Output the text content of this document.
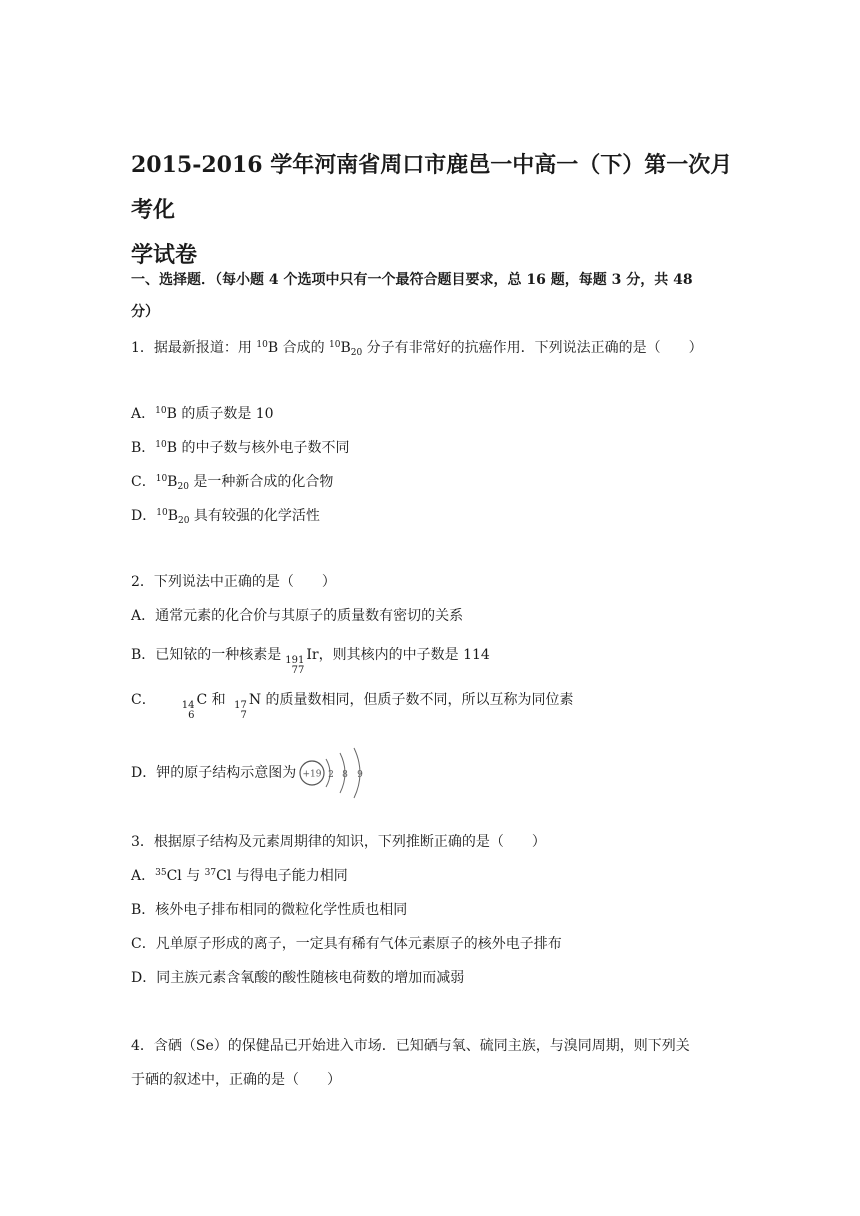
2015-2016 学年河南省周口市鹿邑一中高一（下）第一次月考化
学试卷
一、选择题．（每小题 4 个选项中只有一个最符合题目要求，总 16 题，每题 3 分，共 48
分）
1．据最新报道：用 $^{10}$B 合成的 $^{10}B_{20}$ 分子有非常好的抗癌作用．下列说法正确的是（　　）
A．$^{10}$B 的质子数是 10
B．$^{10}$B 的中子数与核外电子数不同
C．$^{10}B_{20}$ 是一种新合成的化合物
D．$^{10}B_{20}$ 具有较强的化学活性
2．下列说法中正确的是（　　）
A．通常元素的化合价与其原子的质量数有密切的关系
B．已知铱的一种核素是 191
77
Ir，则其核内的中子数是 114
C．	14
6
C 和 17
7
N 的质量数相同，但质子数不同，所以互称为同位素
D．钾的原子结构示意图为 +19 2 8 9
3．根据原子结构及元素周期律的知识，下列推断正确的是（　　）
A．$^{35}$Cl 与 $^{37}$Cl 与得电子能力相同
B．核外电子排布相同的微粒化学性质也相同
C．凡单原子形成的离子，一定具有稀有气体元素原子的核外电子排布
D．同主族元素含氧酸的酸性随核电荷数的增加而减弱
4．含硒（Se）的保健品已开始进入市场．已知硒与氧、硫同主族，与溴同周期，则下列关
于硒的叙述中，正确的是（　　）
